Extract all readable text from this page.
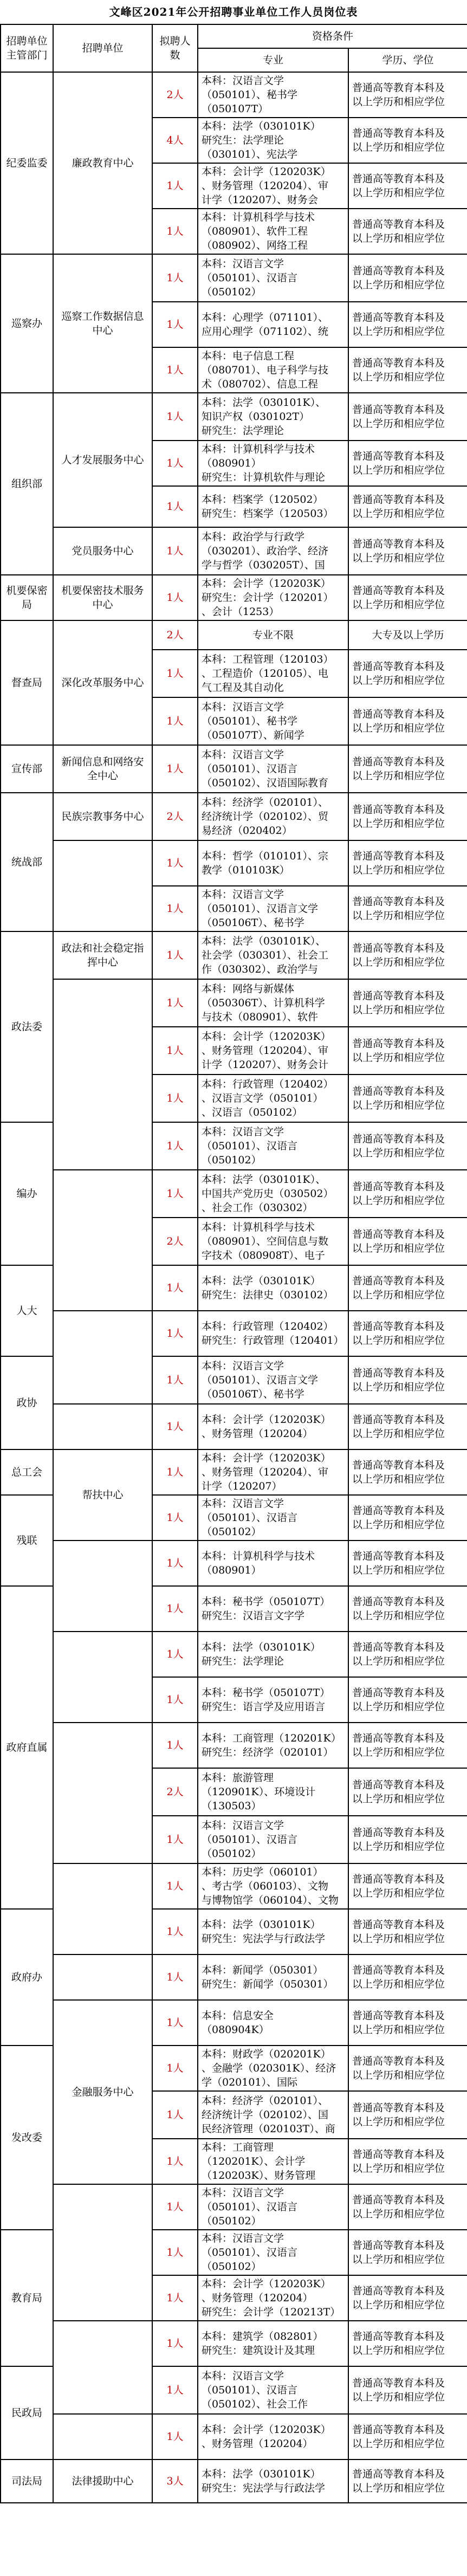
文峰区2021年公开招聘事业单位工作人员岗位表
招聘单位主管部门	招聘单位	拟聘人数	资格条件	
			专业	学历、学位
纪委监委	廉政教育中心	2人	本科：汉语言文学
（050101）、秘书学
（050107T）	普通高等教育本科及
以上学历和相应学位

		4人	本科：法学（030101K）
研究生：法学理论
（030101）、宪法学	普通高等教育本科及
以上学历和相应学位

		1人	本科：会计学（120203K）
、财务管理（120204）、审
计学（120207）、财务会	普通高等教育本科及
以上学历和相应学位

		1人	本科：计算机科学与技术
（080901）、软件工程
（080902）、网络工程	普通高等教育本科及
以上学历和相应学位

巡察办	巡察工作数据信息中心	1人	本科：汉语言文学
（050101）、汉语言
（050102）	普通高等教育本科及
以上学历和相应学位

		1人	本科：心理学（071101）、
应用心理学（071102）、统	普通高等教育本科及
以上学历和相应学位

		1人	本科：电子信息工程
（080701）、电子科学与技
术（080702）、信息工程	普通高等教育本科及
以上学历和相应学位

组织部	人才发展服务中心	1人	本科：法学（030101K）、
知识产权（030102T）
研究生：法学理论	普通高等教育本科及
以上学历和相应学位

		1人	本科：计算机科学与技术
（080901）
研究生：计算机软件与理论	普通高等教育本科及
以上学历和相应学位

		1人	本科：档案学（120502）
研究生：档案学（120503）	普通高等教育本科及
以上学历和相应学位

	党员服务中心	1人	本科：政治学与行政学
（030201）、政治学、经济
学与哲学（030205T）、国	普通高等教育本科及
以上学历和相应学位

机要保密局	机要保密技术服务中心	1人	本科：会计学（120203K）
研究生：会计学（120201）
、会计（1253）	普通高等教育本科及
以上学历和相应学位

督查局	深化改革服务中心	2人	专业不限	大专及以上学历

		1人	本科：工程管理（120103）
、工程造价（120105）、电
气工程及其自动化	普通高等教育本科及
以上学历和相应学位

		1人	本科：汉语言文学
（050101）、秘书学
（050107T）、新闻学	普通高等教育本科及
以上学历和相应学位

宣传部	新闻信息和网络安全中心	1人	本科：汉语言文学
（050101）、汉语言
（050102）、汉语国际教育	普通高等教育本科及
以上学历和相应学位

统战部	民族宗教事务中心	2人	本科：经济学（020101）、
经济统计学（020102）、贸
易经济（020402）	普通高等教育本科及
以上学历和相应学位

		1人	本科：哲学（010101）、宗
教学（010103K）	普通高等教育本科及
以上学历和相应学位

		1人	本科：汉语言文学
（050101）、汉语言文学
（050106T）、秘书学	普通高等教育本科及
以上学历和相应学位

政法委	政法和社会稳定指挥中心	1人	本科：法学（030101K）、
社会学（030301）、社会工
作（030302）、政治学与	普通高等教育本科及
以上学历和相应学位

		1人	本科：网络与新媒体
（050306T）、计算机科学
与技术（080901）、软件	普通高等教育本科及
以上学历和相应学位

		1人	本科：会计学（120203K）
、财务管理（120204）、审
计学（120207）、财务会计	普通高等教育本科及
以上学历和相应学位

		1人	本科：行政管理（120402）
、汉语言文学（050101）
、汉语言（050102）	普通高等教育本科及
以上学历和相应学位

编办		1人	本科：汉语言文学
（050101）、汉语言
（050102）	普通高等教育本科及
以上学历和相应学位

		1人	本科：法学（030101K）、
中国共产党历史（030502）
、社会工作（030302）	普通高等教育本科及
以上学历和相应学位

		2人	本科：计算机科学与技术
（080901）、空间信息与数
字技术（080908T）、电子	普通高等教育本科及
以上学历和相应学位

人大		1人	本科：法学（030101K）
研究生：法律史（030102）	普通高等教育本科及
以上学历和相应学位

		1人	本科：行政管理（120402）
研究生：行政管理（120401）	普通高等教育本科及
以上学历和相应学位

政协		1人	本科：汉语言文学
（050101）、汉语言文学
（050106T）、秘书学	普通高等教育本科及
以上学历和相应学位

		1人	本科：会计学（120203K）
、财务管理（120204）	普通高等教育本科及
以上学历和相应学位

总工会	帮扶中心	1人	本科：会计学（120203K）
、财务管理（120204）、审
计学（120207）	普通高等教育本科及
以上学历和相应学位

残联		1人	本科：汉语言文学
（050101）、汉语言
（050102）	普通高等教育本科及
以上学历和相应学位

		1人	本科：计算机科学与技术
（080901）	普通高等教育本科及
以上学历和相应学位

政府直属		1人	本科：秘书学（050107T）
研究生：汉语言文字学	普通高等教育本科及
以上学历和相应学位

		1人	本科：法学（030101K）
研究生：法学理论	普通高等教育本科及
以上学历和相应学位

		1人	本科：秘书学（050107T）
研究生：语言学及应用语言	普通高等教育本科及
以上学历和相应学位

		1人	本科：工商管理（120201K）
研究生：经济学（020101）	普通高等教育本科及
以上学历和相应学位

		2人	本科：旅游管理
（120901K）、环境设计
（130503）	普通高等教育本科及
以上学历和相应学位

		1人	本科：汉语言文学
（050101）、汉语言
（050102）	普通高等教育本科及
以上学历和相应学位

		1人	本科：历史学（060101）
、考古学（060103）、文物
与博物馆学（060104）、文物	普通高等教育本科及
以上学历和相应学位

政府办		1人	本科：法学（030101K）
研究生：宪法学与行政法学	普通高等教育本科及
以上学历和相应学位

		1人	本科：新闻学（050301）
研究生：新闻学（050301）	普通高等教育本科及
以上学历和相应学位

	金融服务中心	1人	本科：信息安全
（080904K）	普通高等教育本科及
以上学历和相应学位

发改委		1人	本科：财政学（020201K）
、金融学（020301K）、经济
学（020101）、国际	普通高等教育本科及
以上学历和相应学位

		1人	本科：经济学（020101）、
经济统计学（020102）、国
民经济管理（020103T）、商	普通高等教育本科及
以上学历和相应学位

		1人	本科：工商管理
（120201K）、会计学
（120203K）、财务管理	普通高等教育本科及
以上学历和相应学位

		1人	本科：汉语言文学
（050101）、汉语言
（050102）	普通高等教育本科及
以上学历和相应学位

教育局		1人	本科：汉语言文学
（050101）、汉语言
（050102）	普通高等教育本科及
以上学历和相应学位

		1人	本科：会计学（120203K）
、财务管理（120204）
研究生：会计学（120213T）	普通高等教育本科及
以上学历和相应学位

		1人	本科：建筑学（082801）
研究生：建筑设计及其理	普通高等教育本科及
以上学历和相应学位

民政局		1人	本科：汉语言文学
（050101）、汉语言
（050102）、社会工作	普通高等教育本科及
以上学历和相应学位

		1人	本科：会计学（120203K）
、财务管理（120204）	普通高等教育本科及
以上学历和相应学位

司法局	法律援助中心	3人	本科：法学（030101K）
研究生：宪法学与行政法学	普通高等教育本科及
以上学历和相应学位
